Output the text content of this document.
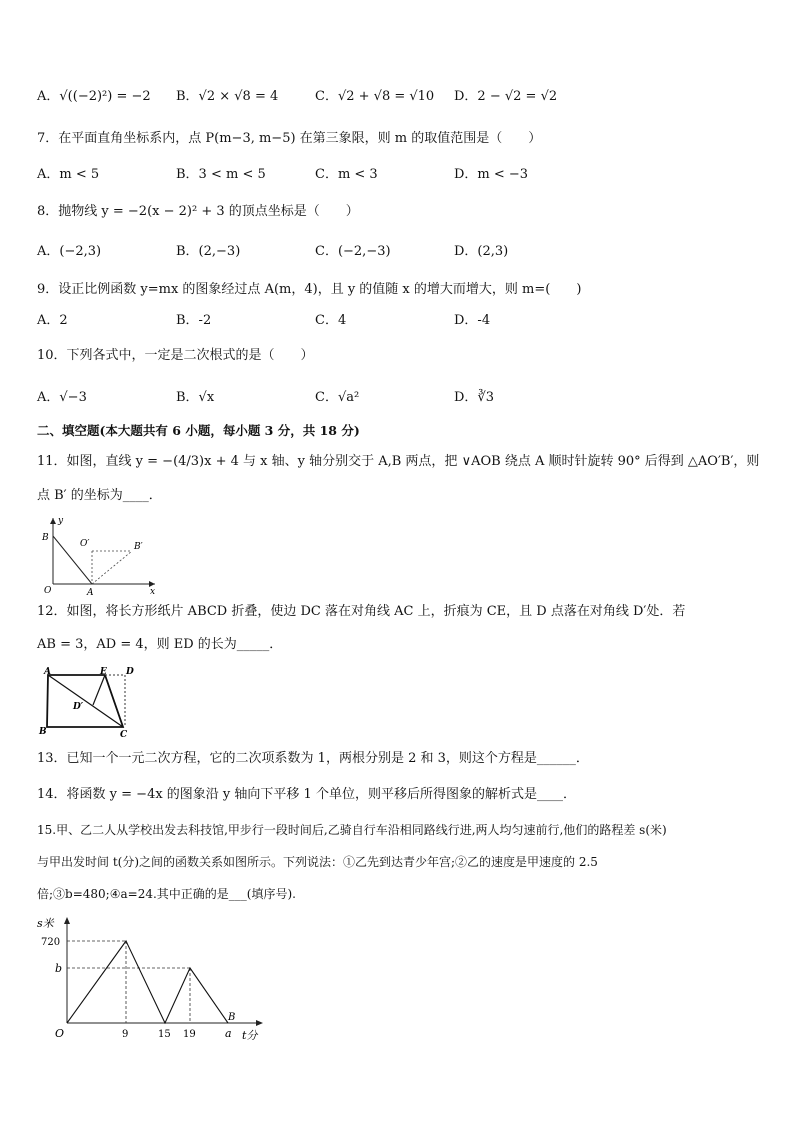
A．√((−2)²) = −2 B．√2 × √8 = 4	C．√2 + √8 = √10 D．2 − √2 = √2
7．在平面直角坐标系内，点 P(m−3, m−5) 在第三象限，则 m 的取值范围是（　　）
A．m < 5	B．3 < m < 5	C．m < 3	D．m < −3
8．抛物线 y = −2(x − 2)² + 3 的顶点坐标是（　　）
A．(−2,3)	B．(2,−3)	C．(−2,−3)	D．(2,3)
9．设正比例函数 y=mx 的图象经过点 A(m，4)，且 y 的值随 x 的增大而增大，则 m=(　　)
A．2	B．-2	C．4	D．-4
10．下列各式中，一定是二次根式的是（　　）
A．√−3	B．√x	C．√a²	D．∛3
二、填空题(本大题共有 6 小题，每小题 3 分，共 18 分)
11．如图，直线 y = −(4/3)x + 4 与 x 轴、y 轴分别交于 A,B 两点，把 ∨AOB 绕点 A 顺时针旋转 90° 后得到 △AO′B′，则
点 B′ 的坐标为____．
y
x
B
O′	B′
O	A
12．如图，将长方形纸片 ABCD 折叠，使边 DC 落在对角线 AC 上，折痕为 CE，且 D 点落在对角线 D′处．若
AB = 3，AD = 4，则 ED 的长为_____．
A	E D
D′
B	C
13．已知一个一元二次方程，它的二次项系数为 1，两根分别是 2 和 3，则这个方程是______．
14．将函数 y = −4x 的图象沿 y 轴向下平移 1 个单位，则平移后所得图象的解析式是____．
15.甲、乙二人从学校出发去科技馆,甲步行一段时间后,乙骑自行车沿相同路线行进,两人均匀速前行,他们的路程差 s(米)
与甲出发时间 t(分)之间的函数关系如图所示。下列说法：①乙先到达青少年宫;②乙的速度是甲速度的 2.5
倍;③b=480;④a=24.其中正确的是___(填序号).
s米
720
b
O	9	15 19	a
B
t分
